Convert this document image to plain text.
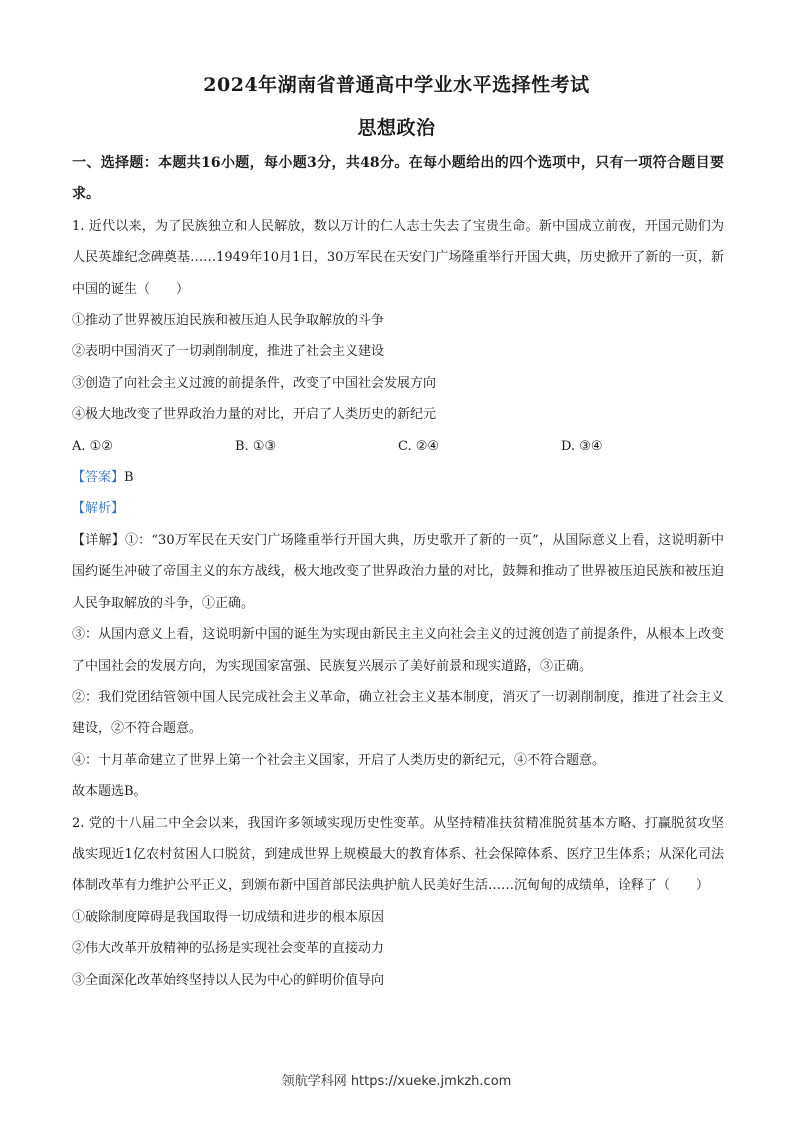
2024年湖南省普通高中学业水平选择性考试
思想政治

一、选择题：本题共16小题，每小题3分，共48分。在每小题给出的四个选项中，只有一项符合题目要求。

1. 近代以来，为了民族独立和人民解放，数以万计的仁人志士失去了宝贵生命。新中国成立前夜，开国元勋们为人民英雄纪念碑奠基……1949年10月1日，30万军民在天安门广场隆重举行开国大典，历史掀开了新的一页，新中国的诞生（　　）

①推动了世界被压迫民族和被压迫人民争取解放的斗争

②表明中国消灭了一切剥削制度，推进了社会主义建设

③创造了向社会主义过渡的前提条件，改变了中国社会发展方向

④极大地改变了世界政治力量的对比，开启了人类历史的新纪元

A. ①②	B. ①③	C. ②④	D. ③④

【答案】B

【解析】

【详解】①：“30万军民在天安门广场隆重举行开国大典，历史歌开了新的一页”，从国际意义上看，这说明新中国约诞生冲破了帝国主义的东方战线，极大地改变了世界政治力量的对比，鼓舞和推动了世界被压迫民族和被压迫人民争取解放的斗争，①正确。

③：从国内意义上看，这说明新中国的诞生为实现由新民主主义向社会主义的过渡创造了前提条件，从根本上改变了中国社会的发展方向，为实现国家富强、民族复兴展示了美好前景和现实道路，③正确。

②：我们党团结管领中国人民完成社会主义革命，确立社会主义基本制度，消灭了一切剥削制度，推进了社会主义建设，②不符合题意。

④：十月革命建立了世界上第一个社会主义国家，开启了人类历史的新纪元，④不符合题意。

故本题选B。

2. 党的十八届二中全会以来，我国许多领域实现历史性变革。从坚持精准扶贫精准脱贫基本方略、打赢脱贫攻坚战实现近1亿农村贫困人口脱贫，到建成世界上规模最大的教育体系、社会保障体系、医疗卫生体系；从深化司法体制改革有力维护公平正义，到颁布新中国首部民法典护航人民美好生活……沉甸甸的成绩单，诠释了（　　）

①破除制度障碍是我国取得一切成绩和进步的根本原因

②伟大改革开放精神的弘扬是实现社会变革的直接动力

③全面深化改革始终坚持以人民为中心的鲜明价值导向

领航学科网 https://xueke.jmkzh.com
